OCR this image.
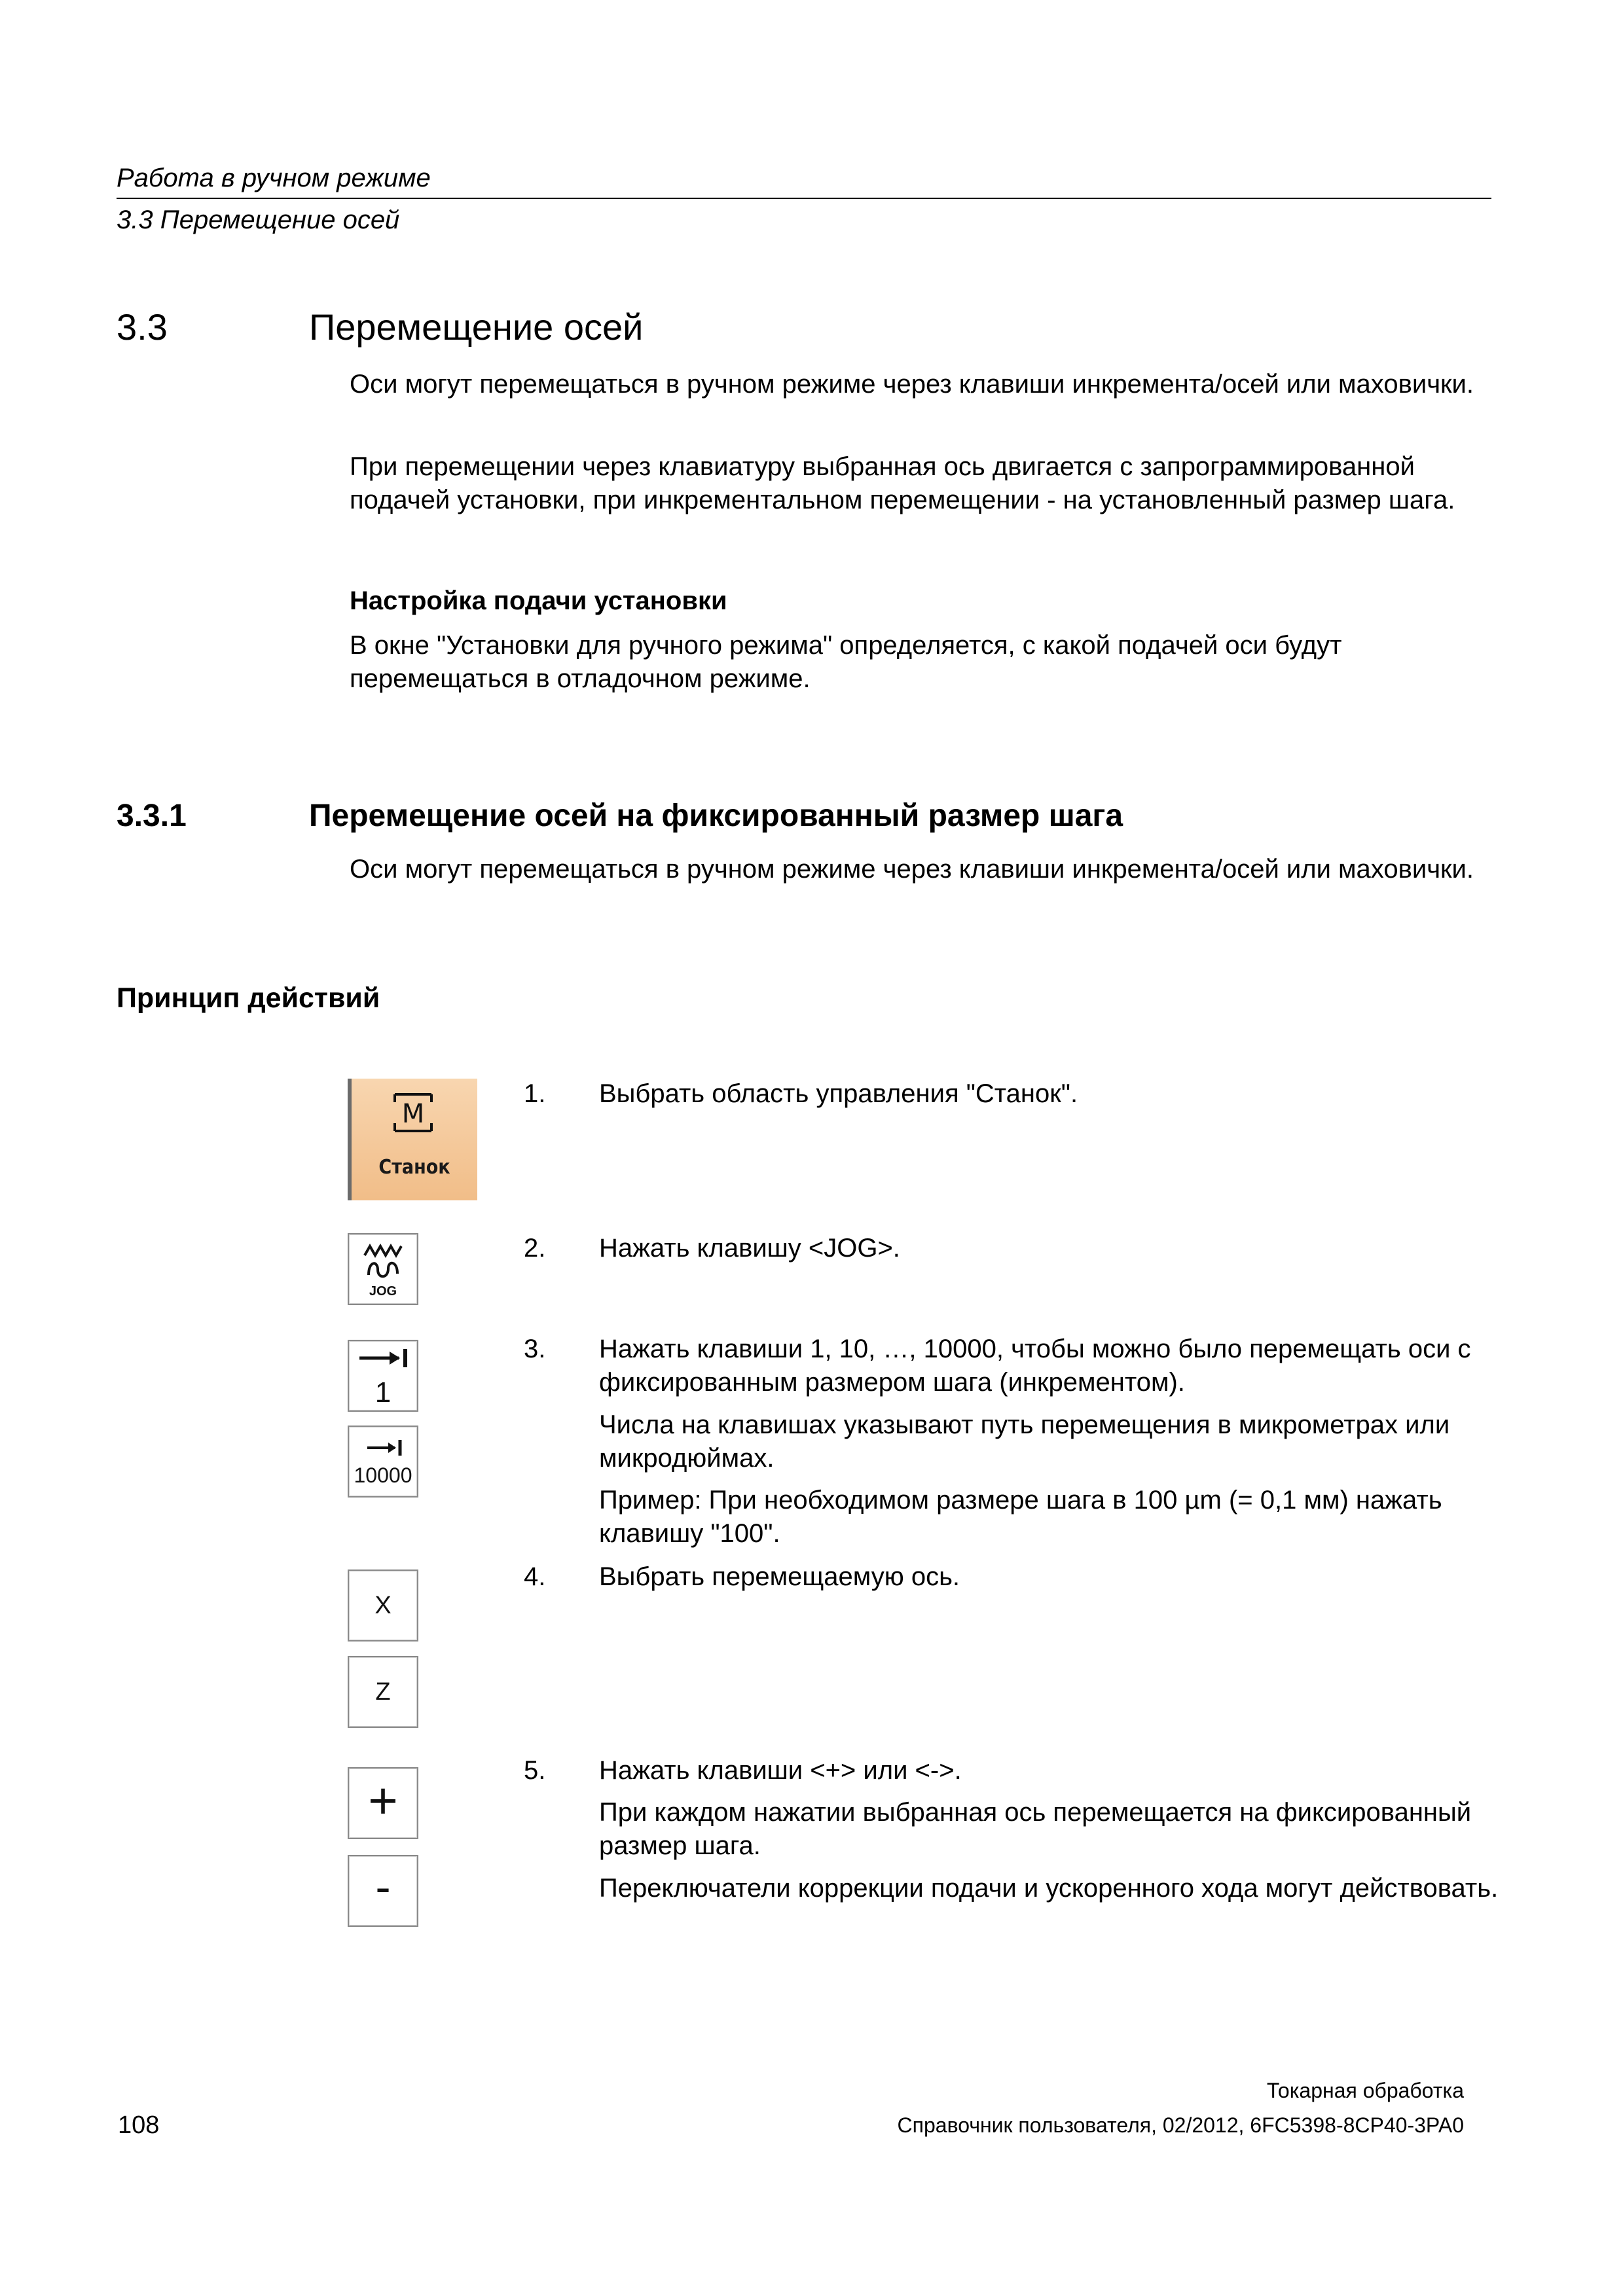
Работа в ручном режиме
3.3 Перемещение осей
3.3	Перемещение осей

Оси могут перемещаться в ручном режиме через клавиши инкремента/осей или маховички.

При перемещении через клавиатуру выбранная ось двигается с запрограммированной подачей установки, при инкрементальном перемещении - на установленный размер шага.

Настройка подачи установки

В окне "Установки для ручного режима" определяется, с какой подачей оси будут перемещаться в отладочном режиме.

3.3.1	Перемещение осей на фиксированный размер шага

Оси могут перемещаться в ручном режиме через клавиши инкремента/осей или маховички.

Принцип действий
M
Станок
JOG
1
10000
X
Z
+
-
1. Выбрать область управления "Станок".

2. Нажать клавишу <JOG>.

3. Нажать клавиши 1, 10, …, 10000, чтобы можно было перемещать оси с фиксированным размером шага (инкрементом).

Числа на клавишах указывают путь перемещения в микрометрах или микродюймах.

Пример: При необходимом размере шага в 100 µm (= 0,1 мм) нажать клавишу "100".

4. Выбрать перемещаемую ось.

5. Нажать клавиши <+> или <->.

При каждом нажатии выбранная ось перемещается на фиксированный размер шага.

Переключатели коррекции подачи и ускоренного хода могут действовать.

108
Токарная обработка
Справочник пользователя, 02/2012, 6FC5398-8CP40-3PA0
